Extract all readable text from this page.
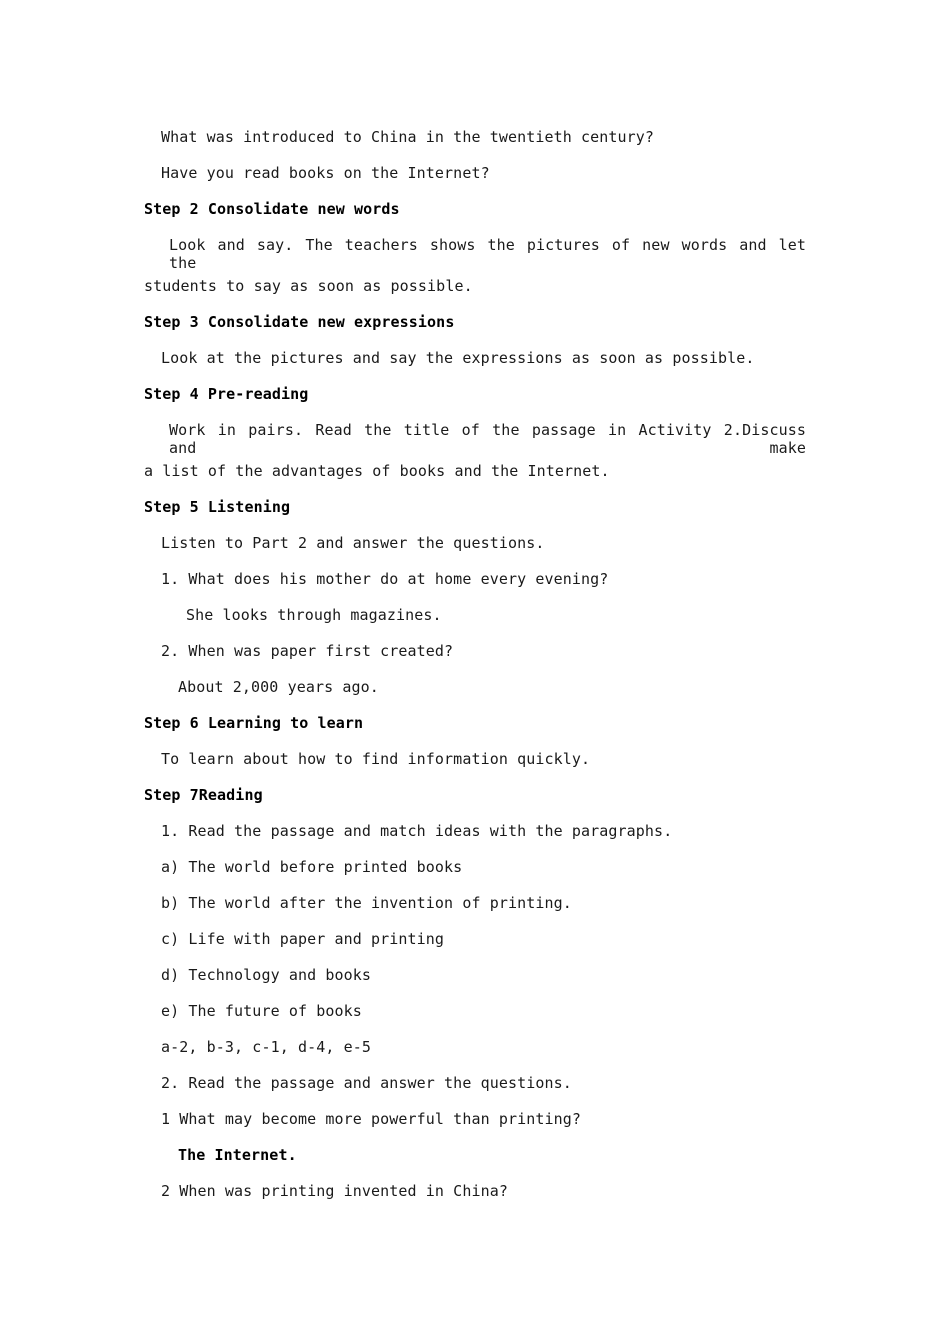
What was introduced to China in the twentieth century?
Have you read books on the Internet?
Step 2 Consolidate new words
Look and say. The teachers shows the pictures of new words and let the
students to say as soon as possible.
Step 3 Consolidate new expressions
Look at the pictures and say the expressions as soon as possible.
Step 4 Pre-reading
Work in pairs. Read the title of the passage in Activity 2.Discuss and make
a list of the advantages of books and the Internet.
Step 5 Listening
Listen to Part 2 and answer the questions.
1. What does his mother do at home every evening?
She looks through magazines.
2. When was paper first created?
About 2,000 years ago.
Step 6 Learning to learn
To learn about how to find information quickly.
Step 7Reading
1. Read the passage and match ideas with the paragraphs.
a) The world before printed books
b) The world after the invention of printing.
c) Life with paper and printing
d) Technology and books
e) The future of books
a-2, b-3, c-1, d-4, e-5
2. Read the passage and answer the questions.
1 What may become more powerful than printing?
The Internet.
2 When was printing invented in China?
